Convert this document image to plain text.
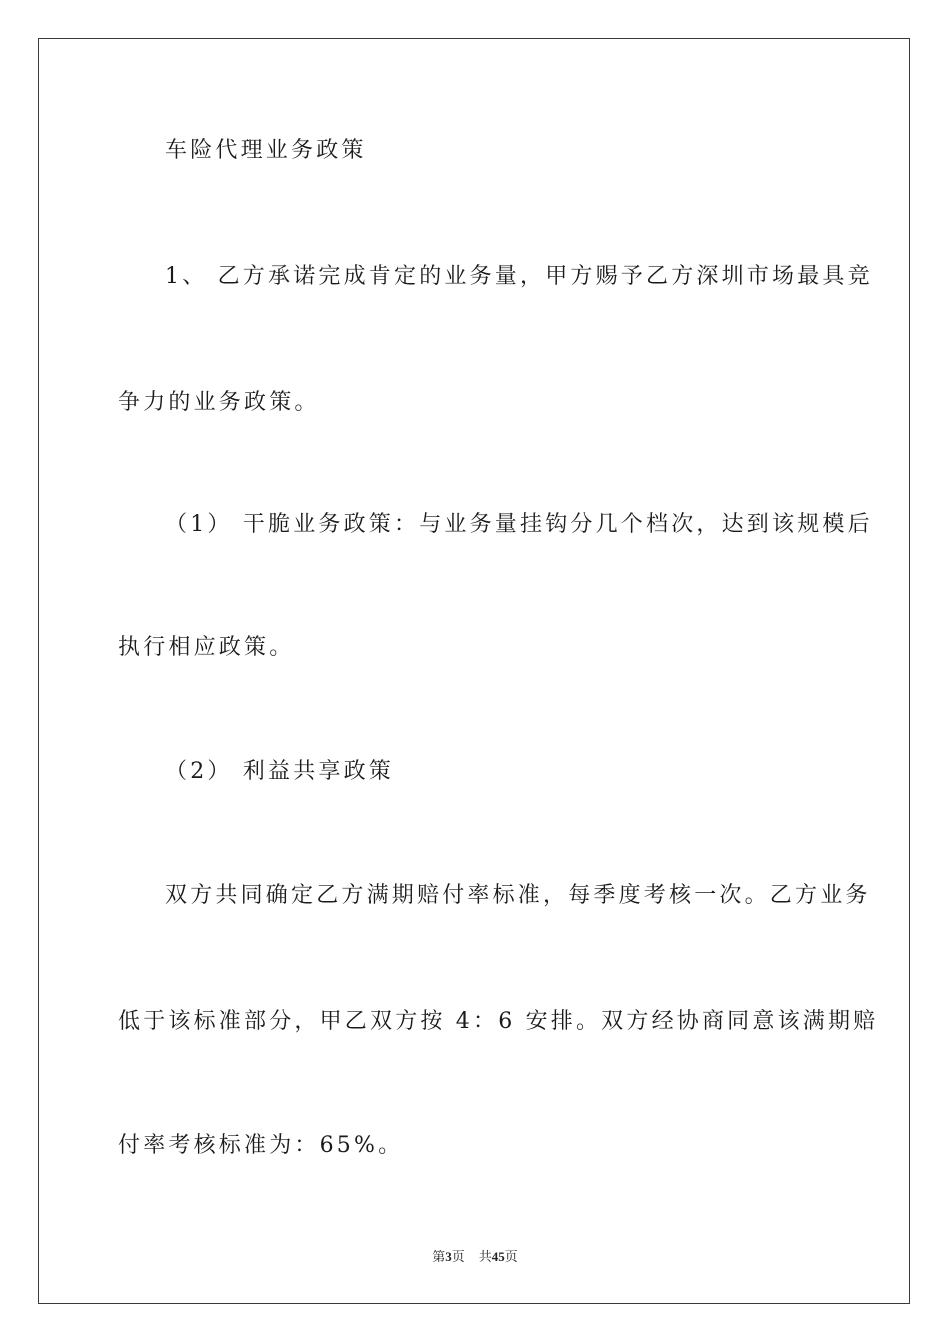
车险代理业务政策
1、 乙方承诺完成肯定的业务量，甲方赐予乙方深圳市场最具竞
争力的业务政策。
（1） 干脆业务政策：与业务量挂钩分几个档次，达到该规模后
执行相应政策。
（2） 利益共享政策
双方共同确定乙方满期赔付率标准，每季度考核一次。乙方业务
低于该标准部分，甲乙双方按 4：6 安排。双方经协商同意该满期赔
付率考核标准为：65%。
第3页 共45页
